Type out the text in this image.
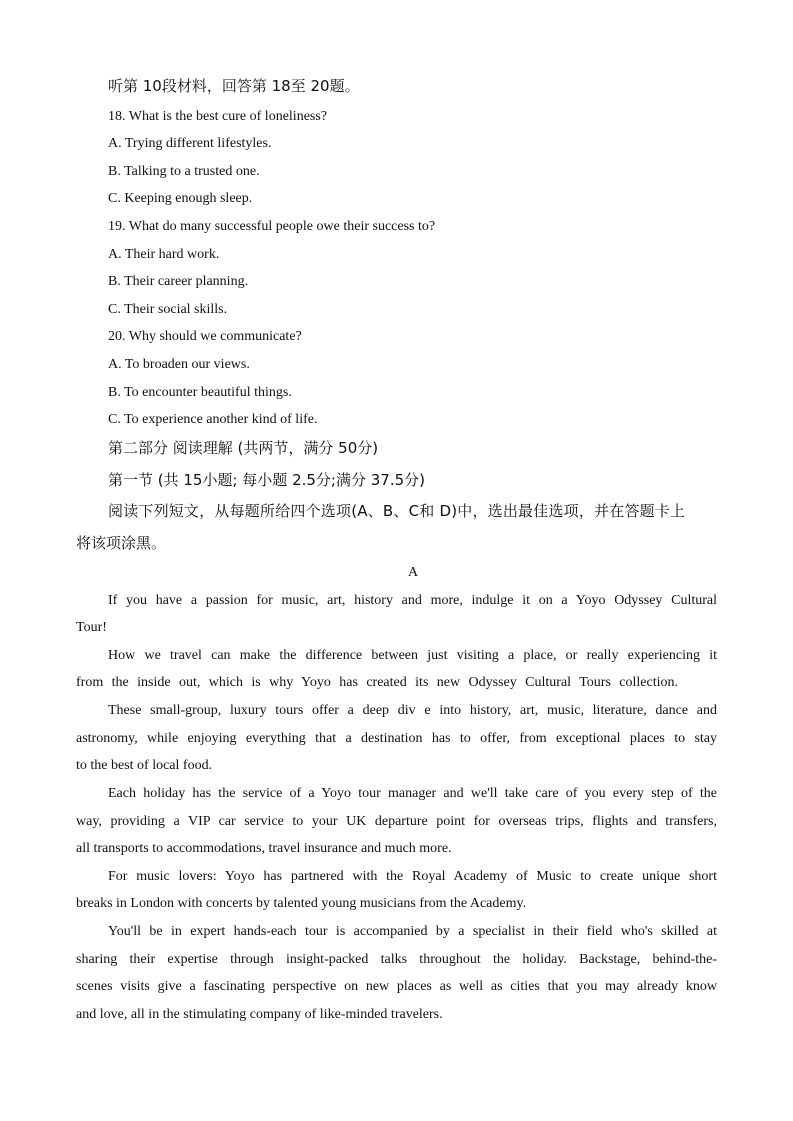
听第 10段材料，回答第 18至 20题。
18. What is the best cure of loneliness?
A. Trying different lifestyles.
B. Talking to a trusted one.
C. Keeping enough sleep.
19. What do many successful people owe their success to?
A. Their hard work.
B. Their career planning.
C. Their social skills.
20. Why should we communicate?
A. To broaden our views.
B. To encounter beautiful things.
C. To experience another kind of life.
第二部分 阅读理解 (共两节，满分 50分)
第一节 (共 15小题; 每小题 2.5分;满分 37.5分)
阅读下列短文，从每题所给四个选项(A、B、C和 D)中，选出最佳选项，并在答题卡上
将该项涂黑。
A
If you have a passion for music, art, history and more, indulge it on a Yoyo Odyssey Cultural
Tour!
How we travel can make the difference between just visiting a place, or really experiencing it
from the inside out, which is why Yoyo has created its new Odyssey Cultural Tours collection.
These small-group, luxury tours offer a deep div e into history, art, music, literature, dance and
astronomy, while enjoying everything that a destination has to offer, from exceptional places to stay
to the best of local food.
Each holiday has the service of a Yoyo tour manager and we'll take care of you every step of the
way, providing a VIP car service to your UK departure point for overseas trips, flights and transfers,
all transports to accommodations, travel insurance and much more.
For music lovers: Yoyo has partnered with the Royal Academy of Music to create unique short
breaks in London with concerts by talented young musicians from the Academy.
You'll be in expert hands-each tour is accompanied by a specialist in their field who's skilled at
sharing their expertise through insight-packed talks throughout the holiday. Backstage, behind-the-
scenes visits give a fascinating perspective on new places as well as cities that you may already know
and love, all in the stimulating company of like-minded travelers.
